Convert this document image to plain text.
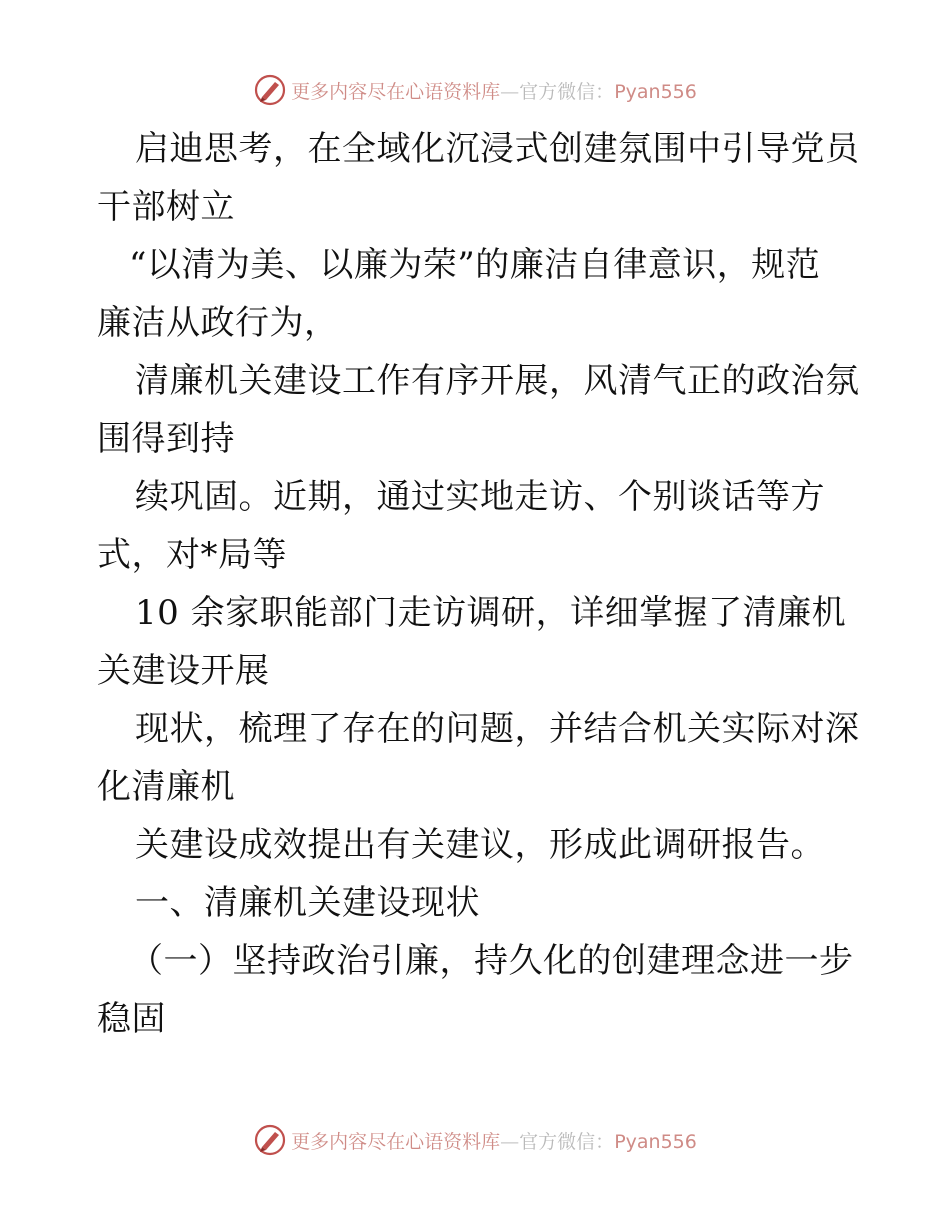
更多内容尽在心语资料库—官方微信：Pyan556
启迪思考，在全域化沉浸式创建氛围中引导党员
干部树立
“以清为美、以廉为荣”的廉洁自律意识，规范
廉洁从政行为，
清廉机关建设工作有序开展，风清气正的政治氛
围得到持
续巩固。近期，通过实地走访、个别谈话等方
式，对*局等
10 余家职能部门走访调研，详细掌握了清廉机
关建设开展
现状，梳理了存在的问题，并结合机关实际对深
化清廉机
关建设成效提出有关建议，形成此调研报告。
一、清廉机关建设现状
（一）坚持政治引廉，持久化的创建理念进一步
稳固
更多内容尽在心语资料库—官方微信：Pyan556
